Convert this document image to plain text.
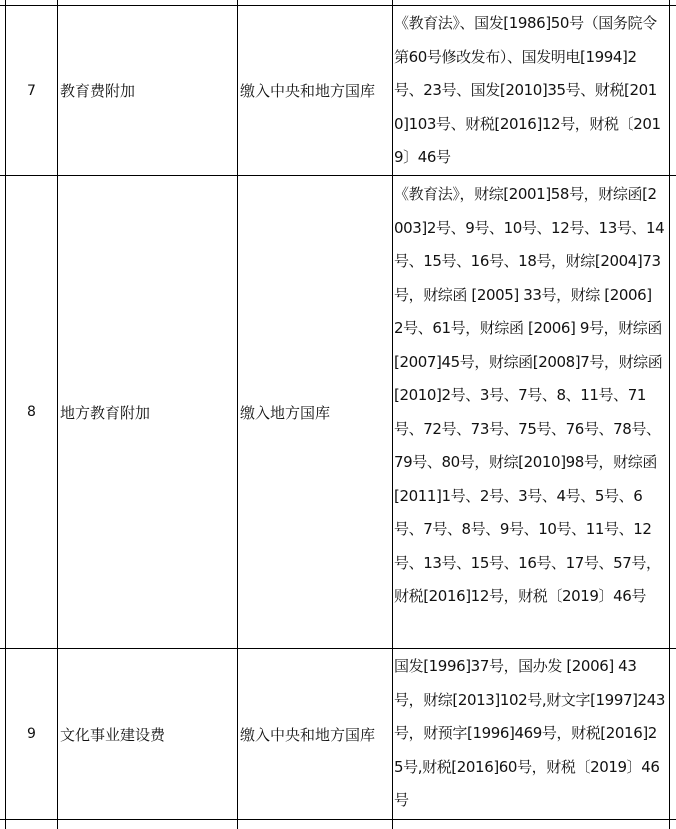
7	教育费附加	缴入中央和地方国库
《教育法》、国发[1986]50号（国务院令第60号修改发布）、国发明电[1994]2号、23号、国发[2010]35号、财税[2010]103号、财税[2016]12号，财税〔2019〕46号
8	地方教育附加	缴入地方国库
《教育法》，财综[2001]58号，财综函[2003]2号、9号、10号、12号、13号、14号、15号、16号、18号，财综[2004]73号，财综函 [2005] 33号，财综 [2006] 2号、61号，财综函 [2006] 9号，财综函[2007]45号，财综函[2008]7号，财综函[2010]2号、3号、7号、8、11号、71号、72号、73号、75号、76号、78号、79号、80号，财综[2010]98号，财综函[2011]1号、2号、3号、4号、5号、6号、7号、8号、9号、10号、11号、12号、13号、15号、16号、17号、57号，财税[2016]12号，财税〔2019〕46号
9	文化事业建设费	缴入中央和地方国库
国发[1996]37号，国办发 [2006] 43号，财综[2013]102号,财文字[1997]243号，财预字[1996]469号，财税[2016]25号,财税[2016]60号，财税〔2019〕46号
